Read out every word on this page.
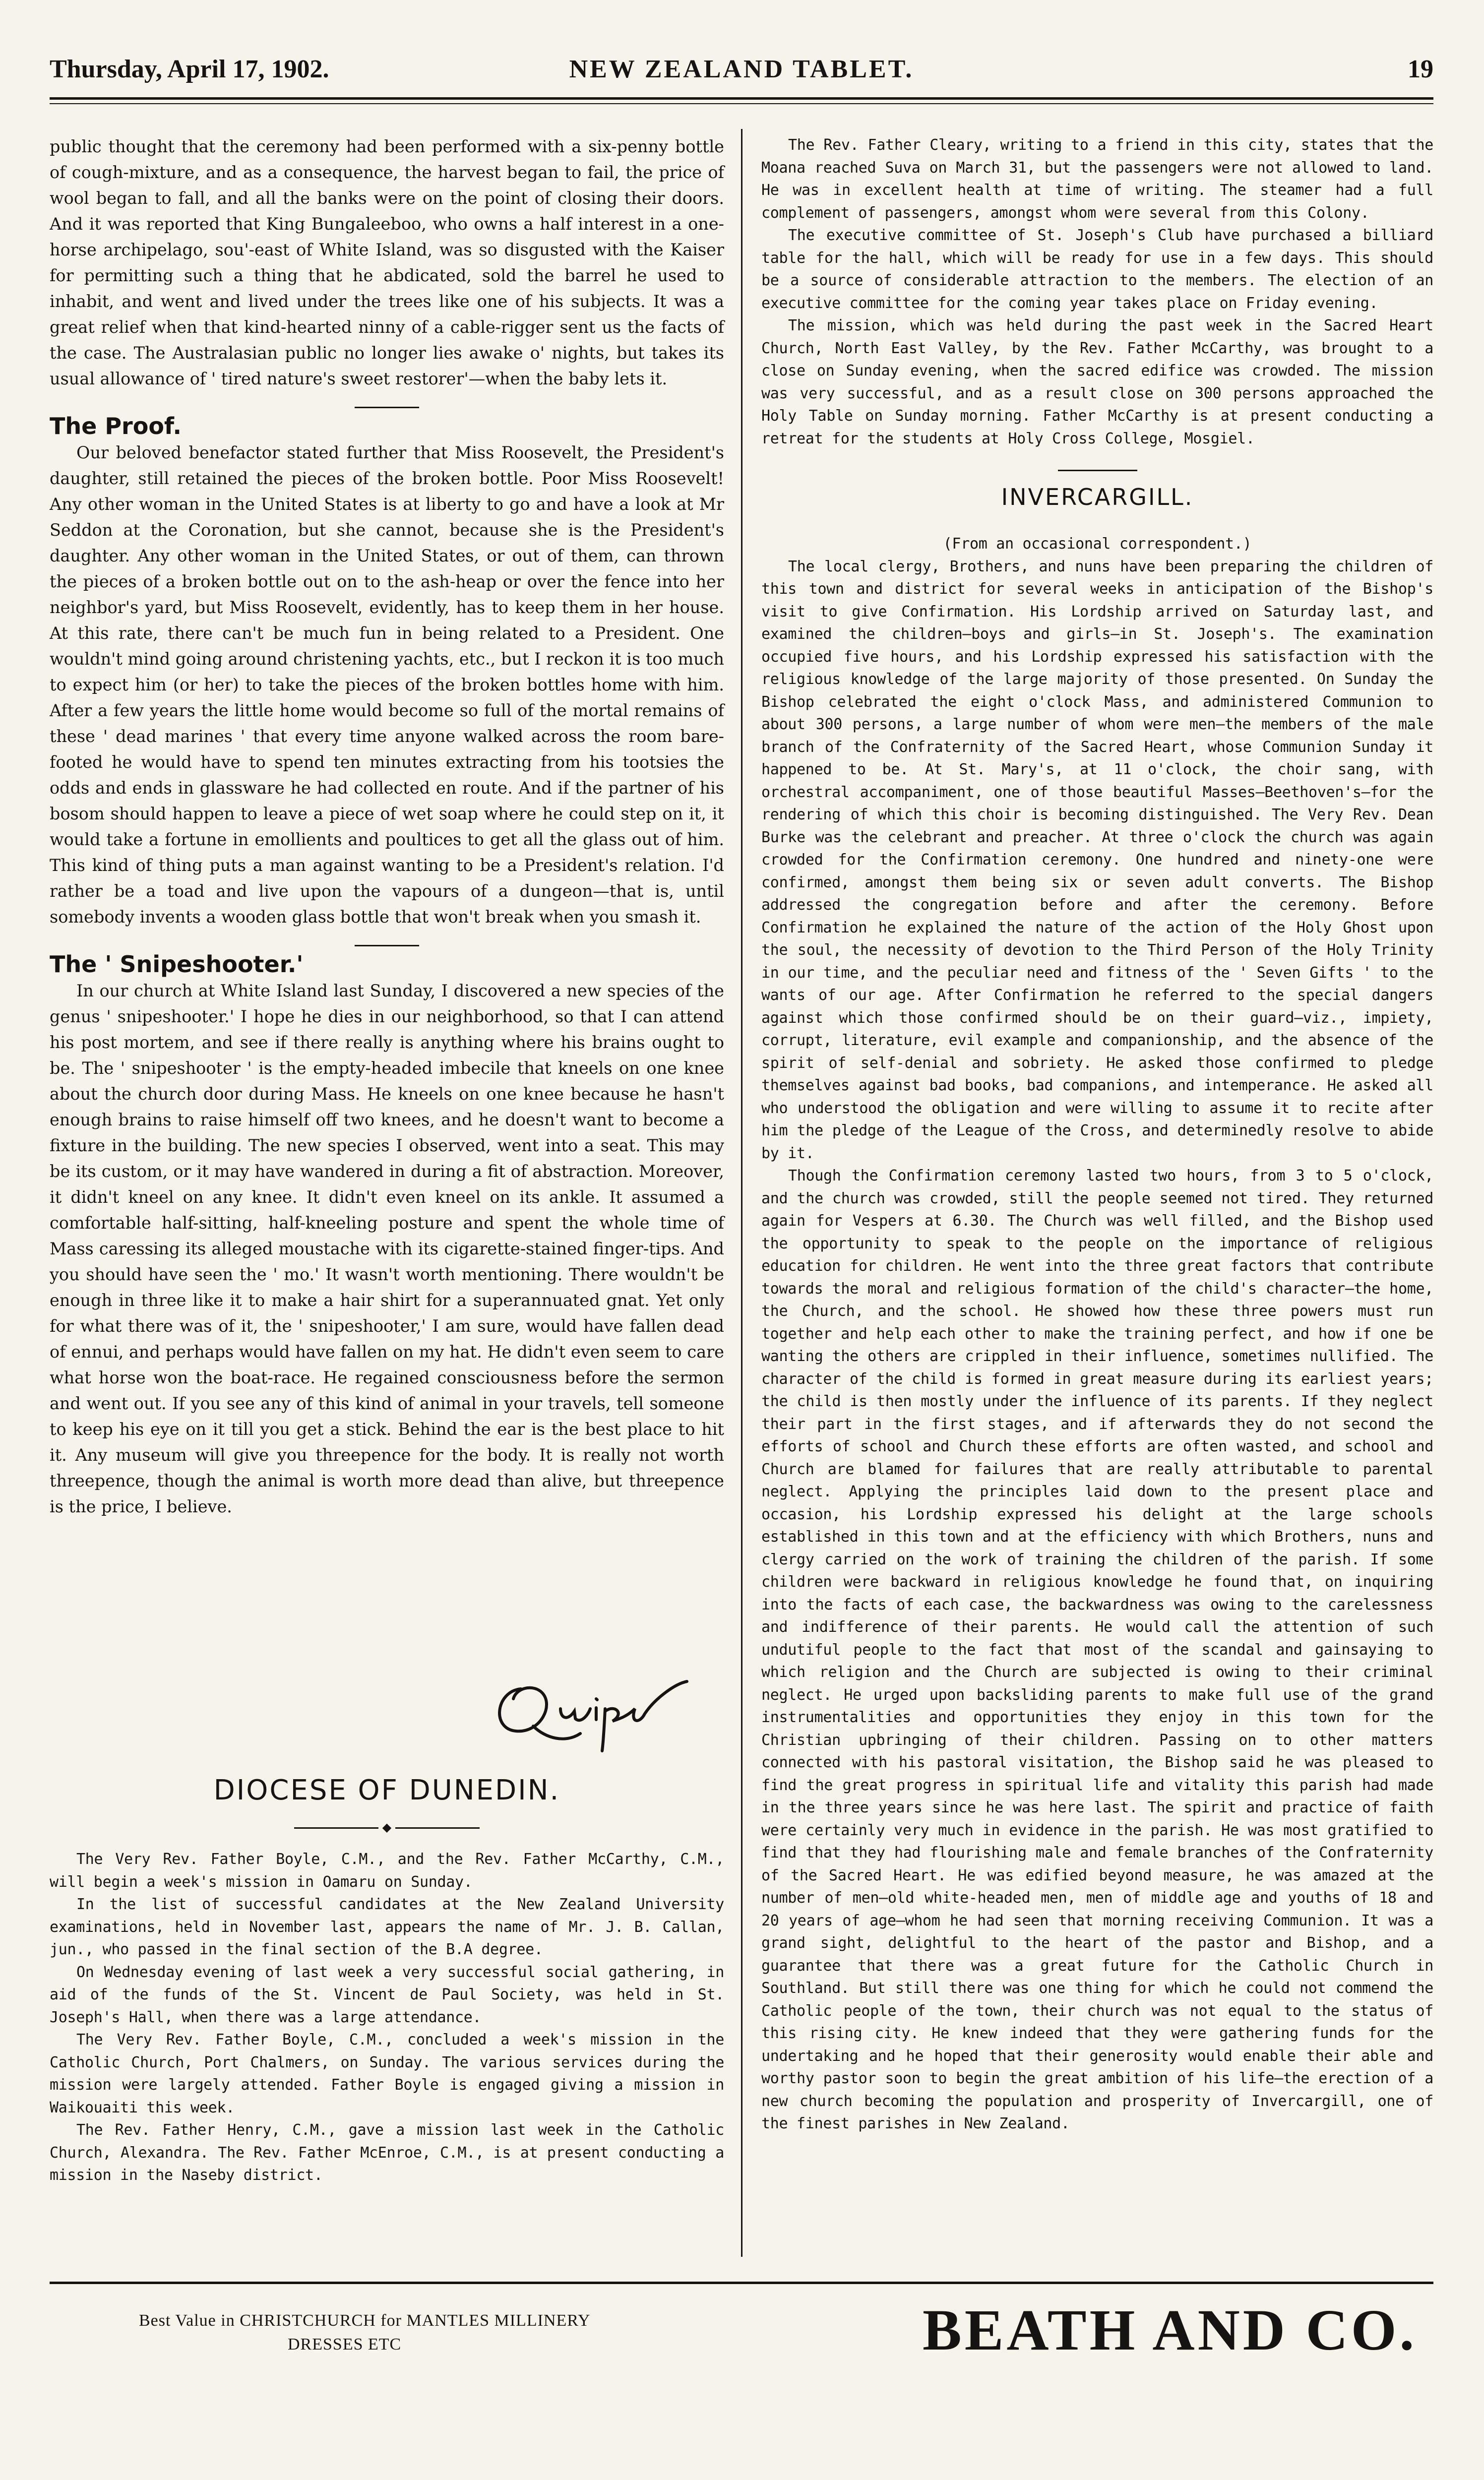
Thursday, April 17, 1902.	NEW ZEALAND TABLET.	19

public thought that the ceremony had been performed with a six-penny bottle of cough-mixture, and as a consequence, the harvest began to fail, the price of wool began to fall, and all the banks were on the point of closing their doors. And it was reported that King Bungaleeboo, who owns a half interest in a one-horse archipelago, sou'-east of White Island, was so disgusted with the Kaiser for permitting such a thing that he abdicated, sold the barrel he used to inhabit, and went and lived under the trees like one of his subjects. It was a great relief when that kind-hearted ninny of a cable-rigger sent us the facts of the case. The Australasian public no longer lies awake o' nights, but takes its usual allowance of ' tired nature's sweet restorer'—when the baby lets it.

The Proof.

Our beloved benefactor stated further that Miss Roosevelt, the President's daughter, still retained the pieces of the broken bottle. Poor Miss Roosevelt! Any other woman in the United States is at liberty to go and have a look at Mr Seddon at the Coronation, but she cannot, because she is the President's daughter. Any other woman in the United States, or out of them, can thrown the pieces of a broken bottle out on to the ash-heap or over the fence into her neighbor's yard, but Miss Roosevelt, evidently, has to keep them in her house. At this rate, there can't be much fun in being related to a President. One wouldn't mind going around christening yachts, etc., but I reckon it is too much to expect him (or her) to take the pieces of the broken bottles home with him. After a few years the little home would become so full of the mortal remains of these ' dead marines ' that every time anyone walked across the room bare-footed he would have to spend ten minutes extracting from his tootsies the odds and ends in glassware he had collected en route. And if the partner of his bosom should happen to leave a piece of wet soap where he could step on it, it would take a fortune in emollients and poultices to get all the glass out of him. This kind of thing puts a man against wanting to be a President's relation. I'd rather be a toad and live upon the vapours of a dungeon—that is, until somebody invents a wooden glass bottle that won't break when you smash it.

The ' Snipeshooter.'

In our church at White Island last Sunday, I discovered a new species of the genus ' snipeshooter.' I hope he dies in our neighborhood, so that I can attend his post mortem, and see if there really is anything where his brains ought to be. The ' snipeshooter ' is the empty-headed imbecile that kneels on one knee about the church door during Mass. He kneels on one knee because he hasn't enough brains to raise himself off two knees, and he doesn't want to become a fixture in the building. The new species I observed, went into a seat. This may be its custom, or it may have wandered in during a fit of abstraction. Moreover, it didn't kneel on any knee. It didn't even kneel on its ankle. It assumed a comfortable half-sitting, half-kneeling posture and spent the whole time of Mass caressing its alleged moustache with its cigarette-stained finger-tips. And you should have seen the ' mo.' It wasn't worth mentioning. There wouldn't be enough in three like it to make a hair shirt for a superannuated gnat. Yet only for what there was of it, the ' snipeshooter,' I am sure, would have fallen dead of ennui, and perhaps would have fallen on my hat. He didn't even seem to care what horse won the boat-race. He regained consciousness before the sermon and went out. If you see any of this kind of animal in your travels, tell someone to keep his eye on it till you get a stick. Behind the ear is the best place to hit it. Any museum will give you threepence for the body. It is really not worth threepence, though the animal is worth more dead than alive, but threepence is the price, I believe.

DIOCESE OF DUNEDIN.
◆

The Very Rev. Father Boyle, C.M., and the Rev. Father McCarthy, C.M., will begin a week's mission in Oamaru on Sunday.

In the list of successful candidates at the New Zealand University examinations, held in November last, appears the name of Mr. J. B. Callan, jun., who passed in the final section of the B.A degree.

On Wednesday evening of last week a very successful social gathering, in aid of the funds of the St. Vincent de Paul Society, was held in St. Joseph's Hall, when there was a large attendance.

The Very Rev. Father Boyle, C.M., concluded a week's mission in the Catholic Church, Port Chalmers, on Sunday. The various services during the mission were largely attended. Father Boyle is engaged giving a mission in Waikouaiti this week.

The Rev. Father Henry, C.M., gave a mission last week in the Catholic Church, Alexandra. The Rev. Father McEnroe, C.M., is at present conducting a mission in the Naseby district.

The Rev. Father Cleary, writing to a friend in this city, states that the Moana reached Suva on March 31, but the passengers were not allowed to land. He was in excellent health at time of writing. The steamer had a full complement of passengers, amongst whom were several from this Colony.

The executive committee of St. Joseph's Club have purchased a billiard table for the hall, which will be ready for use in a few days. This should be a source of considerable attraction to the members. The election of an executive committee for the coming year takes place on Friday evening.

The mission, which was held during the past week in the Sacred Heart Church, North East Valley, by the Rev. Father McCarthy, was brought to a close on Sunday evening, when the sacred edifice was crowded. The mission was very successful, and as a result close on 300 persons approached the Holy Table on Sunday morning. Father McCarthy is at present conducting a retreat for the students at Holy Cross College, Mosgiel.

INVERCARGILL.

(From an occasional correspondent.)

The local clergy, Brothers, and nuns have been preparing the children of this town and district for several weeks in anticipation of the Bishop's visit to give Confirmation. His Lordship arrived on Saturday last, and examined the children—boys and girls—in St. Joseph's. The examination occupied five hours, and his Lordship expressed his satisfaction with the religious knowledge of the large majority of those presented. On Sunday the Bishop celebrated the eight o'clock Mass, and administered Communion to about 300 persons, a large number of whom were men—the members of the male branch of the Confraternity of the Sacred Heart, whose Communion Sunday it happened to be. At St. Mary's, at 11 o'clock, the choir sang, with orchestral accompaniment, one of those beautiful Masses—Beethoven's—for the rendering of which this choir is becoming distinguished. The Very Rev. Dean Burke was the celebrant and preacher. At three o'clock the church was again crowded for the Confirmation ceremony. One hundred and ninety-one were confirmed, amongst them being six or seven adult converts. The Bishop addressed the congregation before and after the ceremony. Before Confirmation he explained the nature of the action of the Holy Ghost upon the soul, the necessity of devotion to the Third Person of the Holy Trinity in our time, and the peculiar need and fitness of the ' Seven Gifts ' to the wants of our age. After Confirmation he referred to the special dangers against which those confirmed should be on their guard—viz., impiety, corrupt, literature, evil example and companionship, and the absence of the spirit of self-denial and sobriety. He asked those confirmed to pledge themselves against bad books, bad companions, and intemperance. He asked all who understood the obligation and were willing to assume it to recite after him the pledge of the League of the Cross, and determinedly resolve to abide by it.

Though the Confirmation ceremony lasted two hours, from 3 to 5 o'clock, and the church was crowded, still the people seemed not tired. They returned again for Vespers at 6.30. The Church was well filled, and the Bishop used the opportunity to speak to the people on the importance of religious education for children. He went into the three great factors that contribute towards the moral and religious formation of the child's character—the home, the Church, and the school. He showed how these three powers must run together and help each other to make the training perfect, and how if one be wanting the others are crippled in their influence, sometimes nullified. The character of the child is formed in great measure during its earliest years; the child is then mostly under the influence of its parents. If they neglect their part in the first stages, and if afterwards they do not second the efforts of school and Church these efforts are often wasted, and school and Church are blamed for failures that are really attributable to parental neglect. Applying the principles laid down to the present place and occasion, his Lordship expressed his delight at the large schools established in this town and at the efficiency with which Brothers, nuns and clergy carried on the work of training the children of the parish. If some children were backward in religious knowledge he found that, on inquiring into the facts of each case, the backwardness was owing to the carelessness and indifference of their parents. He would call the attention of such undutiful people to the fact that most of the scandal and gainsaying to which religion and the Church are subjected is owing to their criminal neglect. He urged upon backsliding parents to make full use of the grand instrumentalities and opportunities they enjoy in this town for the Christian upbringing of their children. Passing on to other matters connected with his pastoral visitation, the Bishop said he was pleased to find the great progress in spiritual life and vitality this parish had made in the three years since he was here last. The spirit and practice of faith were certainly very much in evidence in the parish. He was most gratified to find that they had flourishing male and female branches of the Confraternity of the Sacred Heart. He was edified beyond measure, he was amazed at the number of men—old white-headed men, men of middle age and youths of 18 and 20 years of age—whom he had seen that morning receiving Communion. It was a grand sight, delightful to the heart of the pastor and Bishop, and a guarantee that there was a great future for the Catholic Church in Southland. But still there was one thing for which he could not commend the Catholic people of the town, their church was not equal to the status of this rising city. He knew indeed that they were gathering funds for the undertaking and he hoped that their generosity would enable their able and worthy pastor soon to begin the great ambition of his life—the erection of a new church becoming the population and prosperity of Invercargill, one of the finest parishes in New Zealand.

Best Value in CHRISTCHURCH for MANTLES MILLINERY
DRESSES ETC	BEATH AND CO.
